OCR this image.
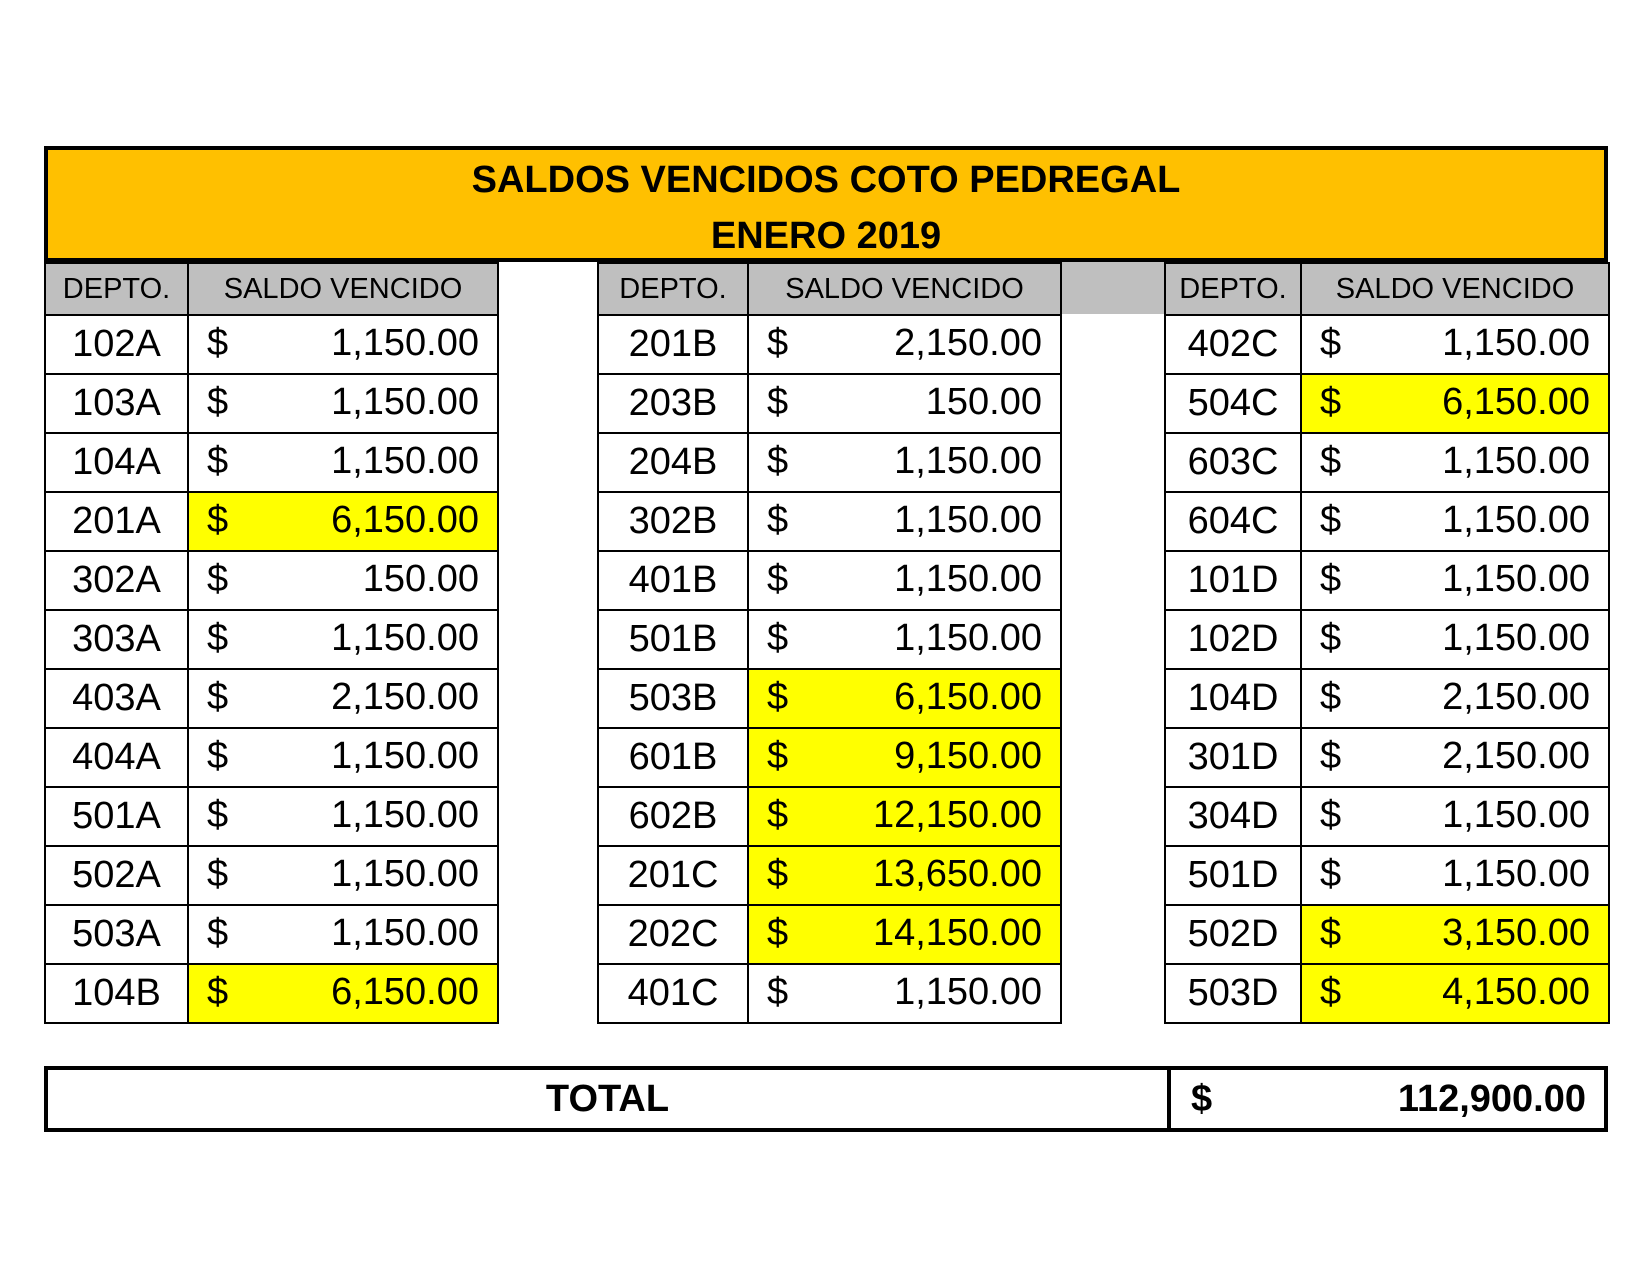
SALDOS VENCIDOS COTO PEDREGAL
ENERO 2019
DEPTO.	SALDO VENCIDO
102A	$ 1,150.00

103A	$ 1,150.00

104A	$ 1,150.00

201A	$ 6,150.00

302A	$ 150.00

303A	$ 1,150.00

403A	$ 2,150.00

404A	$ 1,150.00

501A	$ 1,150.00

502A	$ 1,150.00

503A	$ 1,150.00

104B	$ 6,150.00
DEPTO.	SALDO VENCIDO
201B	$ 2,150.00

203B	$ 150.00

204B	$ 1,150.00

302B	$ 1,150.00

401B	$ 1,150.00

501B	$ 1,150.00

503B	$ 6,150.00

601B	$ 9,150.00

602B	$ 12,150.00

201C	$ 13,650.00

202C	$ 14,150.00

401C	$ 1,150.00
DEPTO.	SALDO VENCIDO
402C	$ 1,150.00

504C	$ 6,150.00

603C	$ 1,150.00

604C	$ 1,150.00

101D	$ 1,150.00

102D	$ 1,150.00

104D	$ 2,150.00

301D	$ 2,150.00

304D	$ 1,150.00

501D	$ 1,150.00

502D	$ 3,150.00

503D	$ 4,150.00
TOTAL	$	112,900.00
